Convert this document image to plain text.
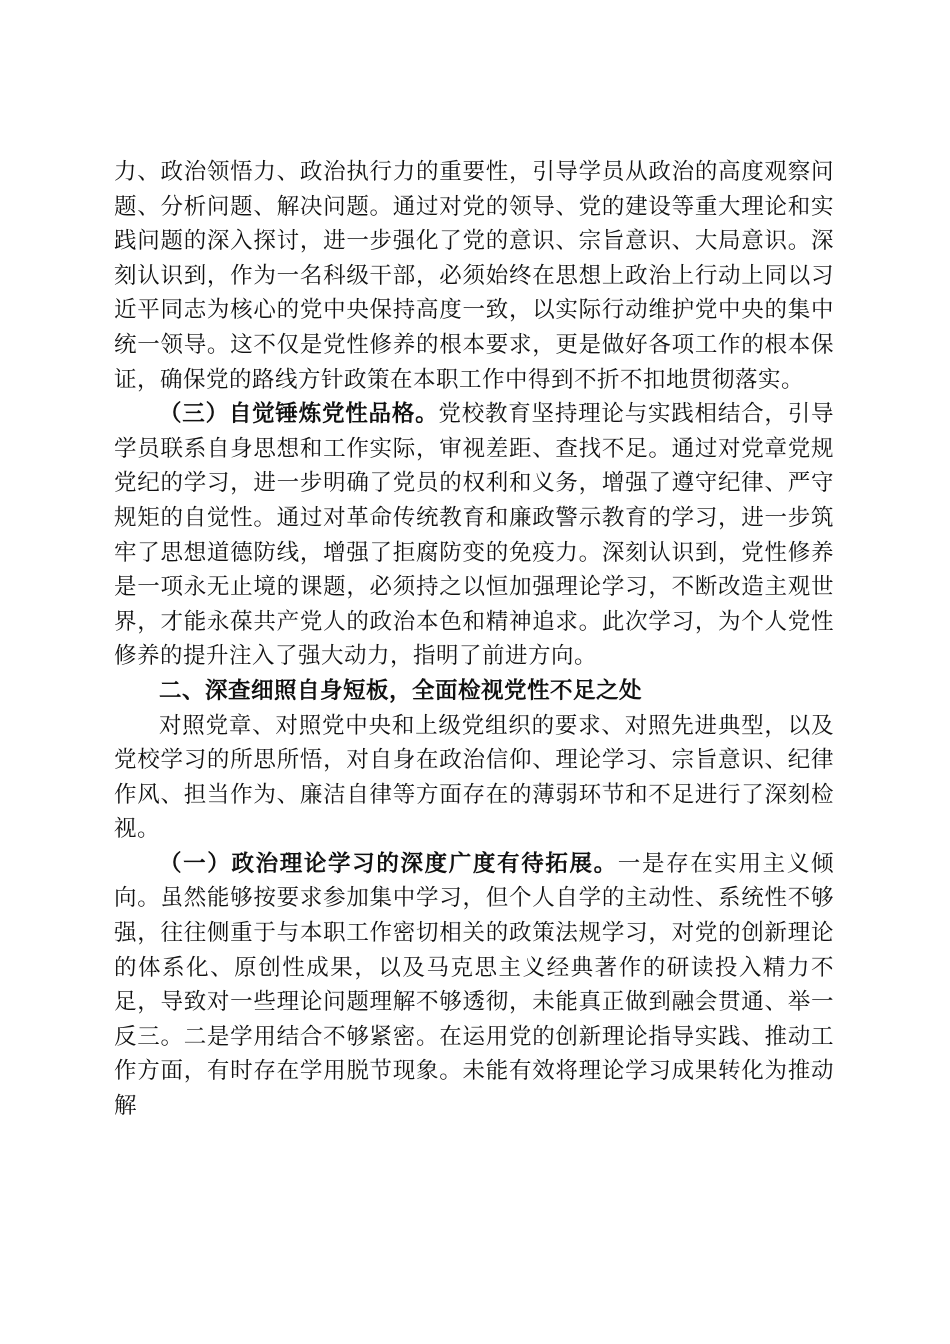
力、政治领悟力、政治执行力的重要性，引导学员从政治的高度观察问题、分析问题、解决问题。通过对党的领导、党的建设等重大理论和实践问题的深入探讨，进一步强化了党的意识、宗旨意识、大局意识。深刻认识到，作为一名科级干部，必须始终在思想上政治上行动上同以习近平同志为核心的党中央保持高度一致，以实际行动维护党中央的集中统一领导。这不仅是党性修养的根本要求，更是做好各项工作的根本保证，确保党的路线方针政策在本职工作中得到不折不扣地贯彻落实。

（三）自觉锤炼党性品格。党校教育坚持理论与实践相结合，引导学员联系自身思想和工作实际，审视差距、查找不足。通过对党章党规党纪的学习，进一步明确了党员的权利和义务，增强了遵守纪律、严守规矩的自觉性。通过对革命传统教育和廉政警示教育的学习，进一步筑牢了思想道德防线，增强了拒腐防变的免疫力。深刻认识到，党性修养是一项永无止境的课题，必须持之以恒加强理论学习，不断改造主观世界，才能永葆共产党人的政治本色和精神追求。此次学习，为个人党性修养的提升注入了强大动力，指明了前进方向。

二、深查细照自身短板，全面检视党性不足之处

对照党章、对照党中央和上级党组织的要求、对照先进典型，以及党校学习的所思所悟，对自身在政治信仰、理论学习、宗旨意识、纪律作风、担当作为、廉洁自律等方面存在的薄弱环节和不足进行了深刻检视。

（一）政治理论学习的深度广度有待拓展。一是存在实用主义倾向。虽然能够按要求参加集中学习，但个人自学的主动性、系统性不够强，往往侧重于与本职工作密切相关的政策法规学习，对党的创新理论的体系化、原创性成果，以及马克思主义经典著作的研读投入精力不足，导致对一些理论问题理解不够透彻，未能真正做到融会贯通、举一反三。二是学用结合不够紧密。在运用党的创新理论指导实践、推动工作方面，有时存在学用脱节现象。未能有效将理论学习成果转化为推动解
